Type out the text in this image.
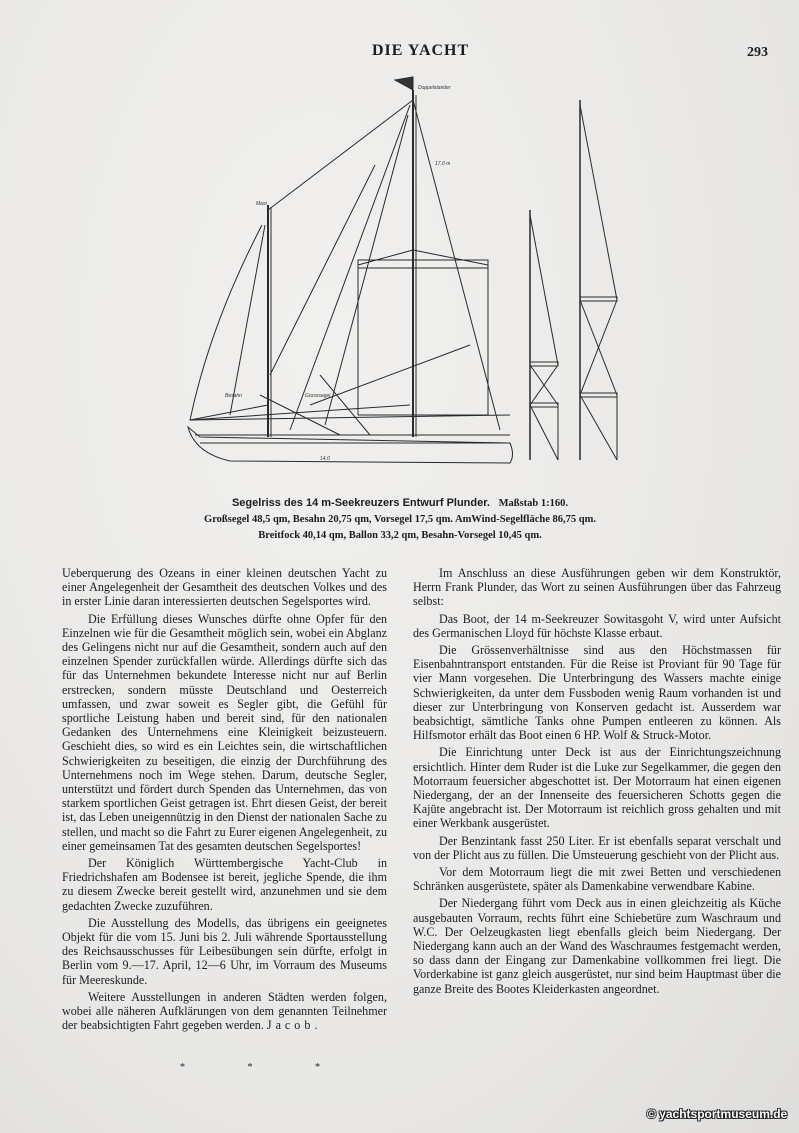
DIE YACHT	293
Doppelstander
17,0 m
Mast
Besahn	Grosssegel
14,0
Segelriss des 14 m-Seekreuzers Entwurf Plunder. Maßstab 1:160.
Großsegel 48,5 qm, Besahn 20,75 qm, Vorsegel 17,5 qm. AmWind-Segelfläche 86,75 qm.
Breitfock 40,14 qm, Ballon 33,2 qm, Besahn-Vorsegel 10,45 qm.

Ueberquerung des Ozeans in einer kleinen deutschen Yacht zu einer Angelegenheit der Gesamtheit des deutschen Volkes und des in erster Linie daran interessierten deutschen Segelsportes wird.

Die Erfüllung dieses Wunsches dürfte ohne Opfer für den Einzelnen wie für die Gesamtheit möglich sein, wobei ein Abglanz des Gelingens nicht nur auf die Gesamtheit, sondern auch auf den einzelnen Spender zurückfallen würde. Allerdings dürfte sich das für das Unternehmen bekundete Interesse nicht nur auf Berlin erstrecken, sondern müsste Deutschland und Oesterreich umfassen, und zwar soweit es Segler gibt, die Gefühl für sportliche Leistung haben und bereit sind, für den nationalen Gedanken des Unternehmens eine Kleinigkeit beizusteuern. Geschieht dies, so wird es ein Leichtes sein, die wirtschaftlichen Schwierigkeiten zu beseitigen, die einzig der Durchführung des Unternehmens noch im Wege stehen. Darum, deutsche Segler, unterstützt und fördert durch Spenden das Unternehmen, das von starkem sportlichen Geist getragen ist. Ehrt diesen Geist, der bereit ist, das Leben uneigennützig in den Dienst der nationalen Sache zu stellen, und macht so die Fahrt zu Eurer eigenen Angelegenheit, zu einer gemeinsamen Tat des gesamten deutschen Segelsportes!

Der Königlich Württembergische Yacht-Club in Friedrichshafen am Bodensee ist bereit, jegliche Spende, die ihm zu diesem Zwecke bereit gestellt wird, anzunehmen und sie dem gedachten Zwecke zuzuführen.

Die Ausstellung des Modells, das übrigens ein geeignetes Objekt für die vom 15. Juni bis 2. Juli währende Sportausstellung des Reichsausschusses für Leibesübungen sein dürfte, erfolgt in Berlin vom 9.—17. April, 12—6 Uhr, im Vorraum des Museums für Meereskunde.

Weitere Ausstellungen in anderen Städten werden folgen, wobei alle näheren Aufklärungen von dem genannten Teilnehmer der beabsichtigten Fahrt gegeben werden. Jacob.

* * *

Im Anschluss an diese Ausführungen geben wir dem Konstruktör, Herrn Frank Plunder, das Wort zu seinen Ausführungen über das Fahrzeug selbst:

Das Boot, der 14 m-Seekreuzer Sowitasgoht V, wird unter Aufsicht des Germanischen Lloyd für höchste Klasse erbaut.

Die Grössenverhältnisse sind aus den Höchstmassen für Eisenbahntransport entstanden. Für die Reise ist Proviant für 90 Tage für vier Mann vorgesehen. Die Unterbringung des Wassers machte einige Schwierigkeiten, da unter dem Fussboden wenig Raum vorhanden ist und dieser zur Unterbringung von Konserven gedacht ist. Ausserdem war beabsichtigt, sämtliche Tanks ohne Pumpen entleeren zu können. Als Hilfsmotor erhält das Boot einen 6 HP. Wolf & Struck-Motor.

Die Einrichtung unter Deck ist aus der Einrichtungszeichnung ersichtlich. Hinter dem Ruder ist die Luke zur Segelkammer, die gegen den Motorraum feuersicher abgeschottet ist. Der Motorraum hat einen eigenen Niedergang, der an der Innenseite des feuersicheren Schotts gegen die Kajüte angebracht ist. Der Motorraum ist reichlich gross gehalten und mit einer Werkbank ausgerüstet.

Der Benzintank fasst 250 Liter. Er ist ebenfalls separat verschalt und von der Plicht aus zu füllen. Die Umsteuerung geschieht von der Plicht aus.

Vor dem Motorraum liegt die mit zwei Betten und verschiedenen Schränken ausgerüstete, später als Damenkabine verwendbare Kabine.

Der Niedergang führt vom Deck aus in einen gleichzeitig als Küche ausgebauten Vorraum, rechts führt eine Schiebetüre zum Waschraum und W.C. Der Oelzeugkasten liegt ebenfalls gleich beim Niedergang. Der Niedergang kann auch an der Wand des Waschraumes festgemacht werden, so dass dann der Eingang zur Damenkabine vollkommen frei liegt. Die Vorderkabine ist ganz gleich ausgerüstet, nur sind beim Hauptmast über die ganze Breite des Bootes Kleiderkasten angeordnet.

© yachtsportmuseum.de
